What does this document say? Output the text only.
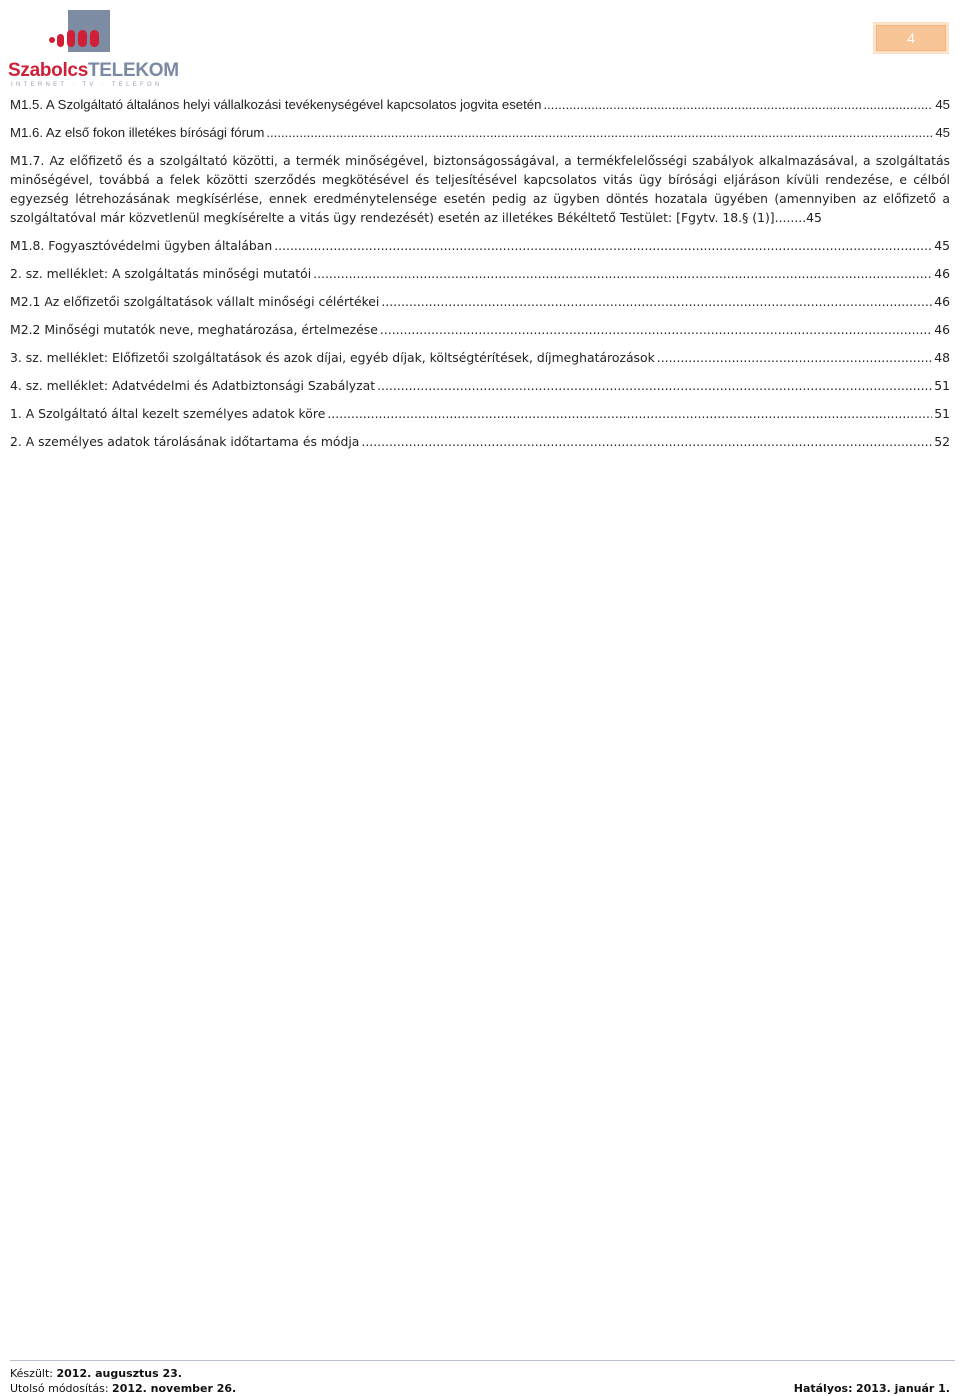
SzabolcsTELEKOM
INTERNET · TV · TELEFON
4
M1.5. A Szolgáltató általános helyi vállalkozási tevékenységével kapcsolatos jogvita esetén .....	45
M1.6. Az első fokon illetékes bírósági fórum .....	45
M1.7. Az előfizető és a szolgáltató közötti, a termék minőségével, biztonságosságával, a termékfelelősségi szabályok alkalmazásával, a szolgáltatás minőségével, továbbá a felek közötti szerződés megkötésével és teljesítésével kapcsolatos vitás ügy bírósági eljáráson kívüli rendezése, e célból egyezség létrehozásának megkísérlése, ennek eredménytelensége esetén pedig az ügyben döntés hozatala ügyében (amennyiben az előfizető a szolgáltatóval már közvetlenül megkísérelte a vitás ügy rendezését) esetén az illetékes Békéltető Testület: [Fgytv. 18.§ (1)] ........	45
M1.8. Fogyasztóvédelmi ügyben általában .....	45
2. sz. melléklet: A szolgáltatás minőségi mutatói .....	46
M2.1 Az előfizetői szolgáltatások vállalt minőségi célértékei .....	46
M2.2 Minőségi mutatók neve, meghatározása, értelmezése .....	46
3. sz. melléklet: Előfizetői szolgáltatások és azok díjai, egyéb díjak, költségtérítések, díjmeghatározások .....	48
4. sz. melléklet: Adatvédelmi és Adatbiztonsági Szabályzat .....	51
1. A Szolgáltató által kezelt személyes adatok köre .....	51
2. A személyes adatok tárolásának időtartama és módja .....	52
Készült: 2012. augusztus 23.
Utolsó módosítás: 2012. november 26.	Hatályos: 2013. január 1.
